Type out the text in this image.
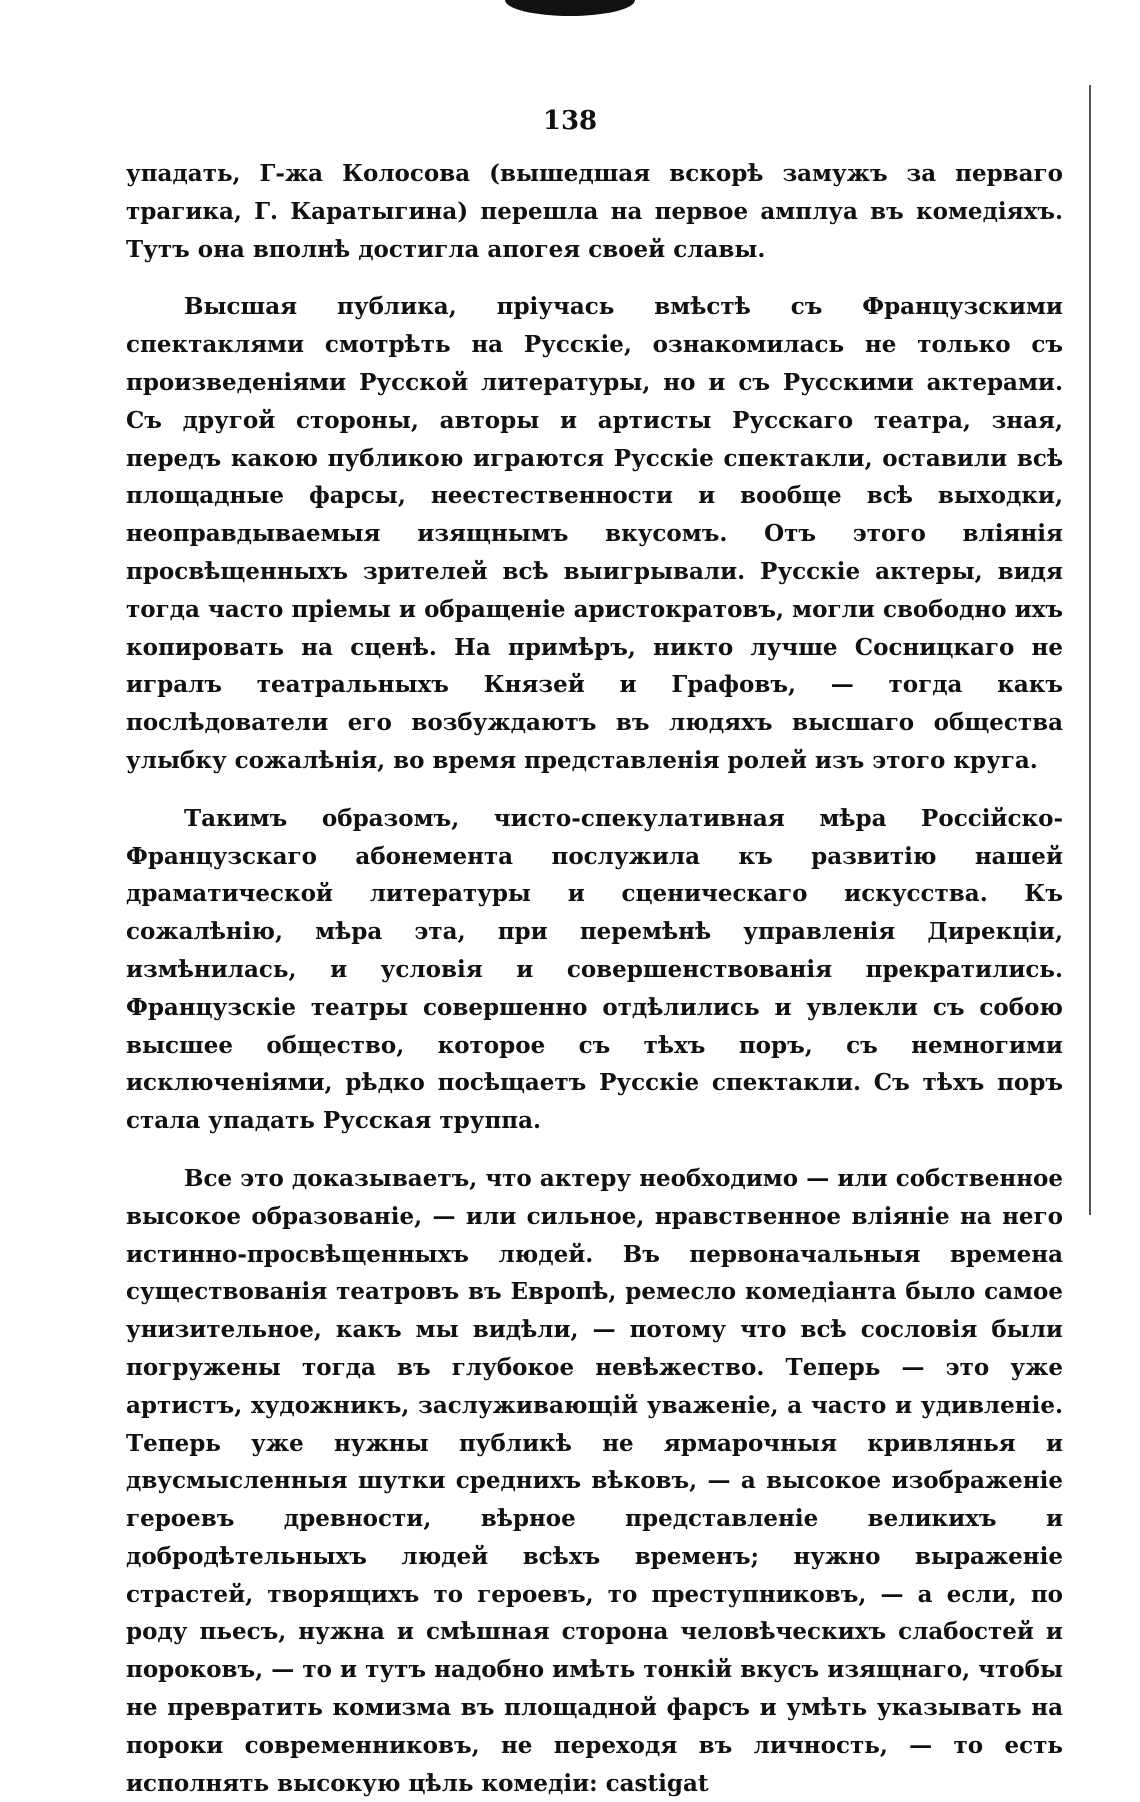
138

упадать, Г-жа Колосова (вышедшая вскорѣ замужъ за перваго трагика, Г. Каратыгина) перешла на первое амплуа въ комедіяхъ. Тутъ она вполнѣ достигла апогея своей славы.

Высшая публика, пріучась вмѣстѣ съ Французскими спектаклями смотрѣть на Русскіе, ознакомилась не только съ произведеніями Русской литературы, но и съ Русскими актерами. Съ другой стороны, авторы и артисты Русскаго театра, зная, передъ какою публикою играются Русскіе спектакли, оставили всѣ площадные фарсы, неестественности и вообще всѣ выходки, неоправдываемыя изящнымъ вкусомъ. Отъ этого вліянія просвѣщенныхъ зрителей всѣ выигрывали. Русскіе актеры, видя тогда часто пріемы и обращеніе аристократовъ, могли свободно ихъ копировать на сценѣ. На примѣръ, никто лучше Сосницкаго не игралъ театральныхъ Князей и Графовъ, — тогда какъ послѣдователи его возбуждаютъ въ людяхъ высшаго общества улыбку сожалѣнія, во время представленія ролей изъ этого круга.

Такимъ образомъ, чисто-спекулативная мѣра Россійско-Французскаго абонемента послужила къ развитію нашей драматической литературы и сценическаго искусства. Къ сожалѣнію, мѣра эта, при перемѣнѣ управленія Дирекціи, измѣнилась, и условія и совершенствованія прекратились. Французскіе театры совершенно отдѣлились и увлекли съ собою высшее общество, которое съ тѣхъ поръ, съ немногими исключеніями, рѣдко посѣщаетъ Русскіе спектакли. Съ тѣхъ поръ стала упадать Русская труппа.

Все это доказываетъ, что актеру необходимо — или собственное высокое образованіе, — или сильное, нравственное вліяніе на него истинно-просвѣщенныхъ людей. Въ первоначальныя времена существованія театровъ въ Европѣ, ремесло комедіанта было самое унизительное, какъ мы видѣли, — потому что всѣ сословія были погружены тогда въ глубокое невѣжество. Теперь — это уже артистъ, художникъ, заслуживающій уваженіе, а часто и удивленіе. Теперь уже нужны публикѣ не ярмарочныя кривлянья и двусмысленныя шутки среднихъ вѣковъ, — а высокое изображеніе героевъ древности, вѣрное представленіе великихъ и добродѣтельныхъ людей всѣхъ временъ; нужно выраженіе страстей, творящихъ то героевъ, то преступниковъ, — а если, по роду пьесъ, нужна и смѣшная сторона человѣческихъ слабостей и пороковъ, — то и тутъ надобно имѣть тонкій вкусъ изящнаго, чтобы не превратить комизма въ площадной фарсъ и умѣть указывать на пороки современниковъ, не переходя въ личность, — то есть исполнять высокую цѣль комедіи: castigat
